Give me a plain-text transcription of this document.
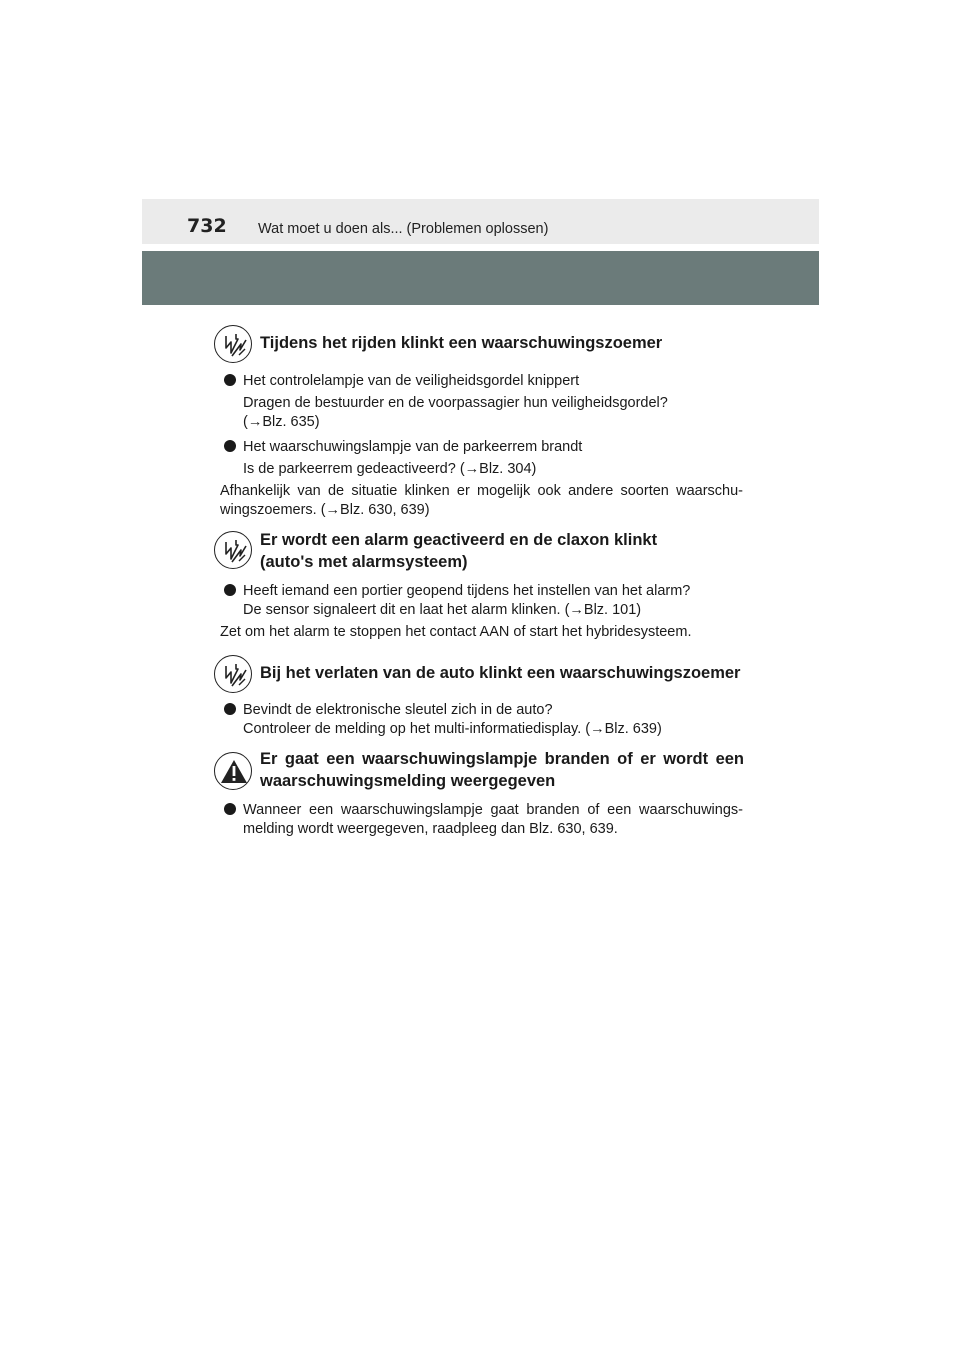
732 Wat moet u doen als... (Problemen oplossen)
Tijdens het rijden klinkt een waarschuwingszoemer
Het controlelampje van de veiligheidsgordel knippert
Dragen de bestuurder en de voorpassagier hun veiligheidsgordel?
(→Blz. 635)
Het waarschuwingslampje van de parkeerrem brandt
Is de parkeerrem gedeactiveerd? (→Blz. 304)
Afhankelijk van de situatie klinken er mogelijk ook andere soorten waarschu-
wingszoemers. (→Blz. 630, 639)
Er wordt een alarm geactiveerd en de claxon klinkt
(auto's met alarmsysteem)
Heeft iemand een portier geopend tijdens het instellen van het alarm?
De sensor signaleert dit en laat het alarm klinken. (→Blz. 101)
Zet om het alarm te stoppen het contact AAN of start het hybridesysteem.
Bij het verlaten van de auto klinkt een waarschuwingszoemer
Bevindt de elektronische sleutel zich in de auto?
Controleer de melding op het multi-informatiedisplay. (→Blz. 639)
Er gaat een waarschuwingslampje branden of er wordt een
waarschuwingsmelding weergegeven
Wanneer een waarschuwingslampje gaat branden of een waarschuwings-
melding wordt weergegeven, raadpleeg dan Blz. 630, 639.
